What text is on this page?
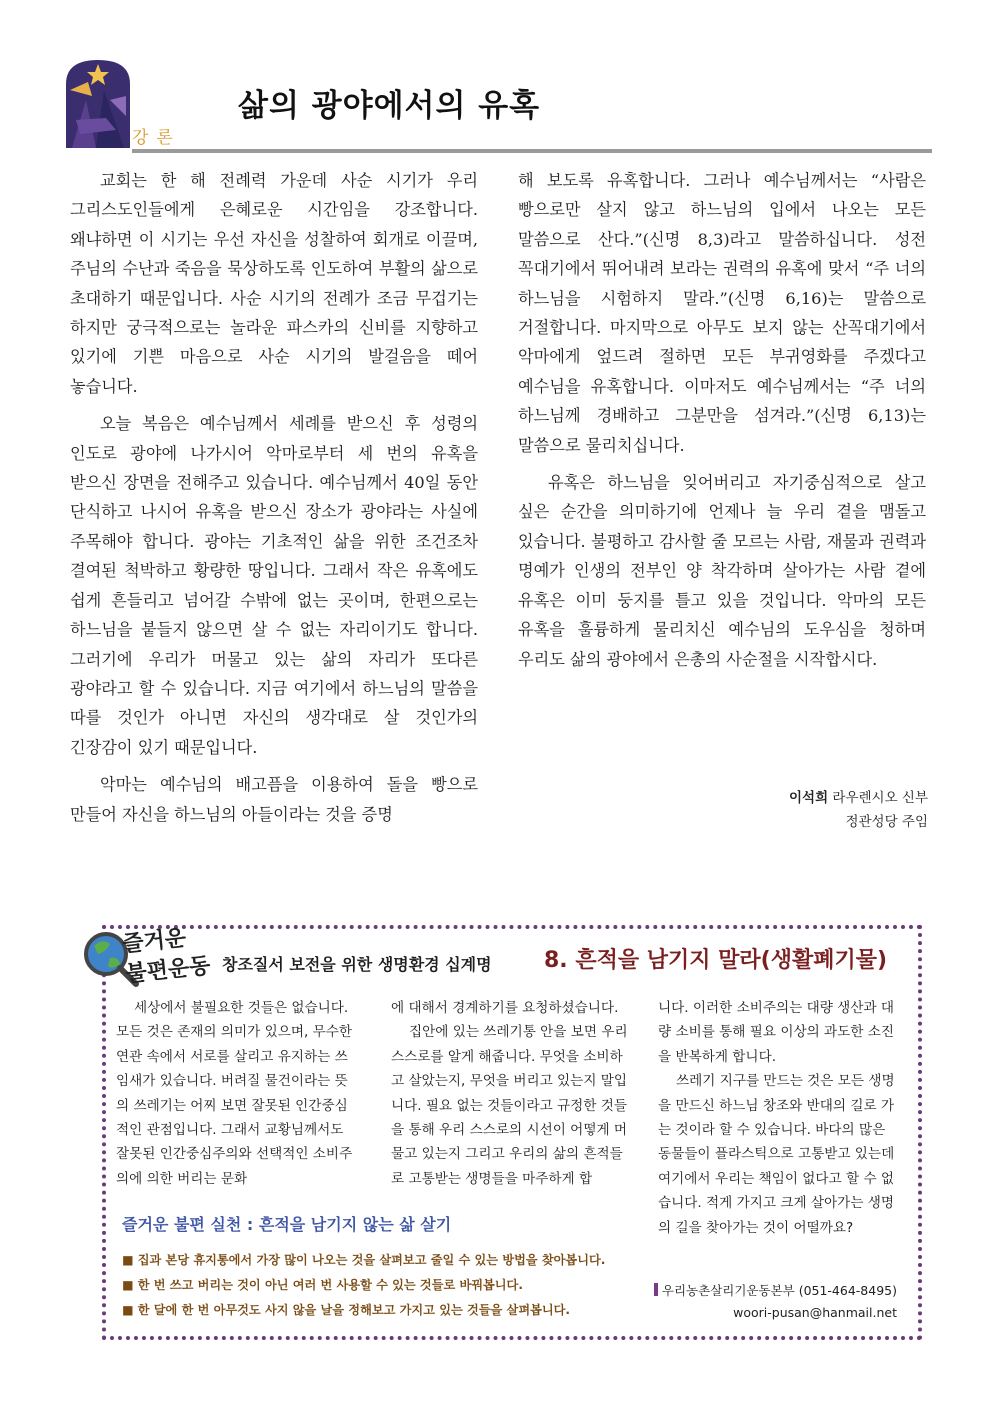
강론
삶의 광야에서의 유혹

교회는 한 해 전례력 가운데 사순 시기가 우리 그리스도인들에게 은혜로운 시간임을 강조합니다. 왜냐하면 이 시기는 우선 자신을 성찰하여 회개로 이끌며, 주님의 수난과 죽음을 묵상하도록 인도하여 부활의 삶으로 초대하기 때문입니다. 사순 시기의 전례가 조금 무겁기는 하지만 궁극적으로는 놀라운 파스카의 신비를 지향하고 있기에 기쁜 마음으로 사순 시기의 발걸음을 떼어 놓습니다.

오늘 복음은 예수님께서 세례를 받으신 후 성령의 인도로 광야에 나가시어 악마로부터 세 번의 유혹을 받으신 장면을 전해주고 있습니다. 예수님께서 40일 동안 단식하고 나시어 유혹을 받으신 장소가 광야라는 사실에 주목해야 합니다. 광야는 기초적인 삶을 위한 조건조차 결여된 척박하고 황량한 땅입니다. 그래서 작은 유혹에도 쉽게 흔들리고 넘어갈 수밖에 없는 곳이며, 한편으로는 하느님을 붙들지 않으면 살 수 없는 자리이기도 합니다. 그러기에 우리가 머물고 있는 삶의 자리가 또다른 광야라고 할 수 있습니다. 지금 여기에서 하느님의 말씀을 따를 것인가 아니면 자신의 생각대로 살 것인가의 긴장감이 있기 때문입니다.

악마는 예수님의 배고픔을 이용하여 돌을 빵으로 만들어 자신을 하느님의 아들이라는 것을 증명

해 보도록 유혹합니다. 그러나 예수님께서는 “사람은 빵으로만 살지 않고 하느님의 입에서 나오는 모든 말씀으로 산다.”(신명 8,3)라고 말씀하십니다. 성전 꼭대기에서 뛰어내려 보라는 권력의 유혹에 맞서 “주 너의 하느님을 시험하지 말라.”(신명 6,16)는 말씀으로 거절합니다. 마지막으로 아무도 보지 않는 산꼭대기에서 악마에게 엎드려 절하면 모든 부귀영화를 주겠다고 예수님을 유혹합니다. 이마저도 예수님께서는 “주 너의 하느님께 경배하고 그분만을 섬겨라.”(신명 6,13)는 말씀으로 물리치십니다.

유혹은 하느님을 잊어버리고 자기중심적으로 살고 싶은 순간을 의미하기에 언제나 늘 우리 곁을 맴돌고 있습니다. 불평하고 감사할 줄 모르는 사람, 재물과 권력과 명예가 인생의 전부인 양 착각하며 살아가는 사람 곁에 유혹은 이미 둥지를 틀고 있을 것입니다. 악마의 모든 유혹을 훌륭하게 물리치신 예수님의 도우심을 청하며 우리도 삶의 광야에서 은총의 사순절을 시작합시다.

이석희 라우렌시오 신부
정관성당 주임
즐거운
불편운동 창조질서 보전을 위한 생명환경 십계명 8. 흔적을 남기지 말라(생활폐기물)

세상에서 불필요한 것들은 없습니다. 모든 것은 존재의 의미가 있으며, 무수한 연관 속에서 서로를 살리고 유지하는 쓰임새가 있습니다. 버려질 물건이라는 뜻의 쓰레기는 어찌 보면 잘못된 인간중심적인 관점입니다. 그래서 교황님께서도 잘못된 인간중심주의와 선택적인 소비주의에 의한 버리는 문화

에 대해서 경계하기를 요청하셨습니다.

집안에 있는 쓰레기통 안을 보면 우리 스스로를 알게 해줍니다. 무엇을 소비하고 살았는지, 무엇을 버리고 있는지 말입니다. 필요 없는 것들이라고 규정한 것들을 통해 우리 스스로의 시선이 어떻게 머물고 있는지 그리고 우리의 삶의 흔적들로 고통받는 생명들을 마주하게 합

니다. 이러한 소비주의는 대량 생산과 대량 소비를 통해 필요 이상의 과도한 소진을 반복하게 합니다.

쓰레기 지구를 만드는 것은 모든 생명을 만드신 하느님 창조와 반대의 길로 가는 것이라 할 수 있습니다. 바다의 많은 동물들이 플라스틱으로 고통받고 있는데 여기에서 우리는 책임이 없다고 할 수 없습니다. 적게 가지고 크게 살아가는 생명의 길을 찾아가는 것이 어떨까요?

즐거운 불편 실천 : 흔적을 남기지 않는 삶 살기
■ 집과 본당 휴지통에서 가장 많이 나오는 것을 살펴보고 줄일 수 있는 방법을 찾아봅니다.
■ 한 번 쓰고 버리는 것이 아닌 여러 번 사용할 수 있는 것들로 바꿔봅니다.
■ 한 달에 한 번 아무것도 사지 않을 날을 정해보고 가지고 있는 것들을 살펴봅니다.
우리농촌살리기운동본부 (051-464-8495)
woori-pusan@hanmail.net
